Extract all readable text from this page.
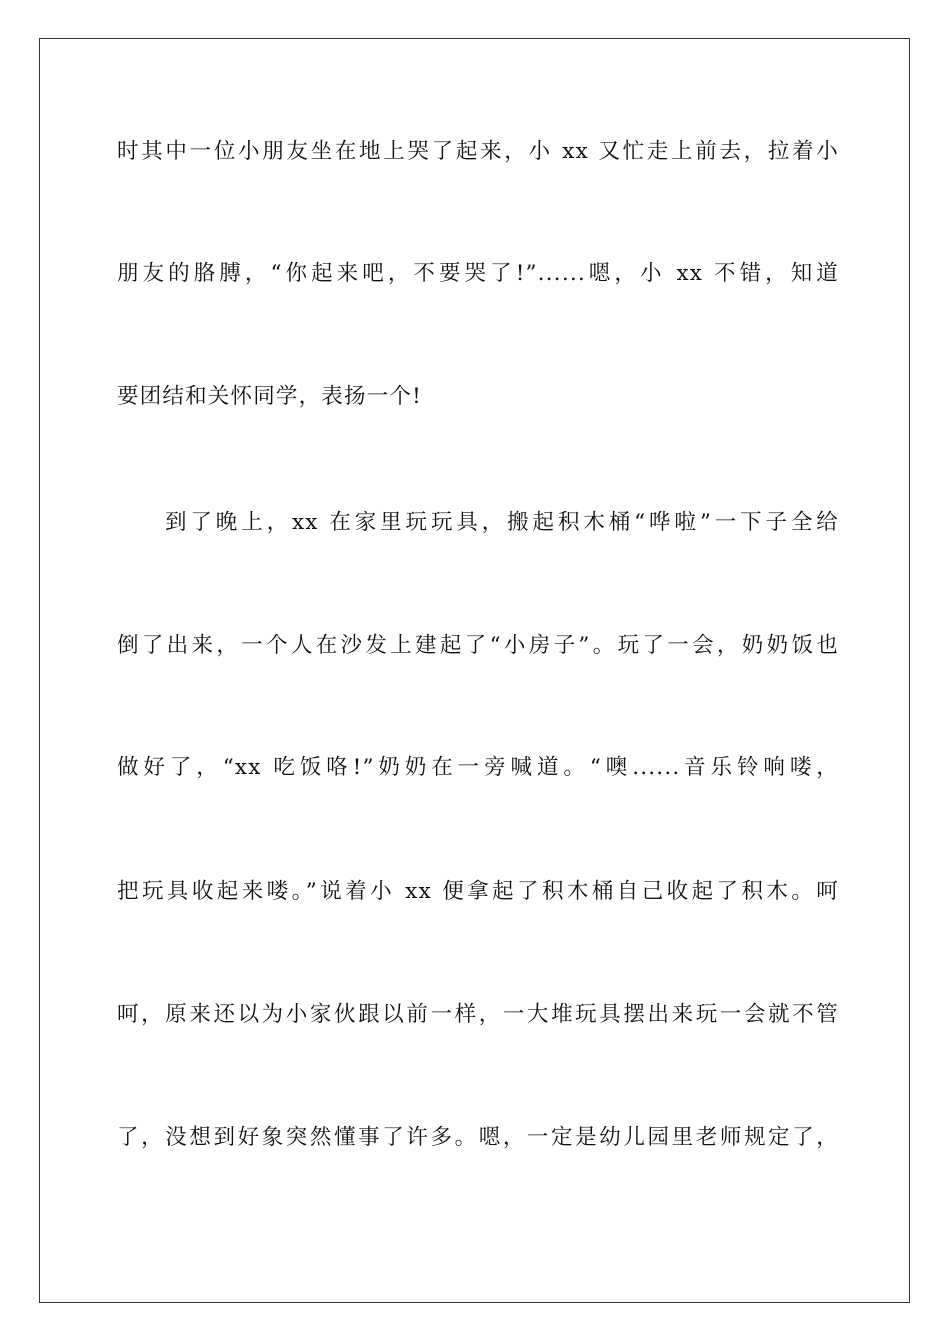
时其中一位小朋友坐在地上哭了起来，小 xx 又忙走上前去，拉着小
朋友的胳膊，“你起来吧，不要哭了!”......嗯，小 xx 不错，知道
要团结和关怀同学，表扬一个!
到了晚上，xx 在家里玩玩具，搬起积木桶“哗啦”一下子全给
倒了出来，一个人在沙发上建起了“小房子”。玩了一会，奶奶饭也
做好了，“xx 吃饭咯!”奶奶在一旁喊道。“噢......音乐铃响喽，
把玩具收起来喽。”说着小 xx 便拿起了积木桶自己收起了积木。呵
呵，原来还以为小家伙跟以前一样，一大堆玩具摆出来玩一会就不管
了，没想到好象突然懂事了许多。嗯，一定是幼儿园里老师规定了，
